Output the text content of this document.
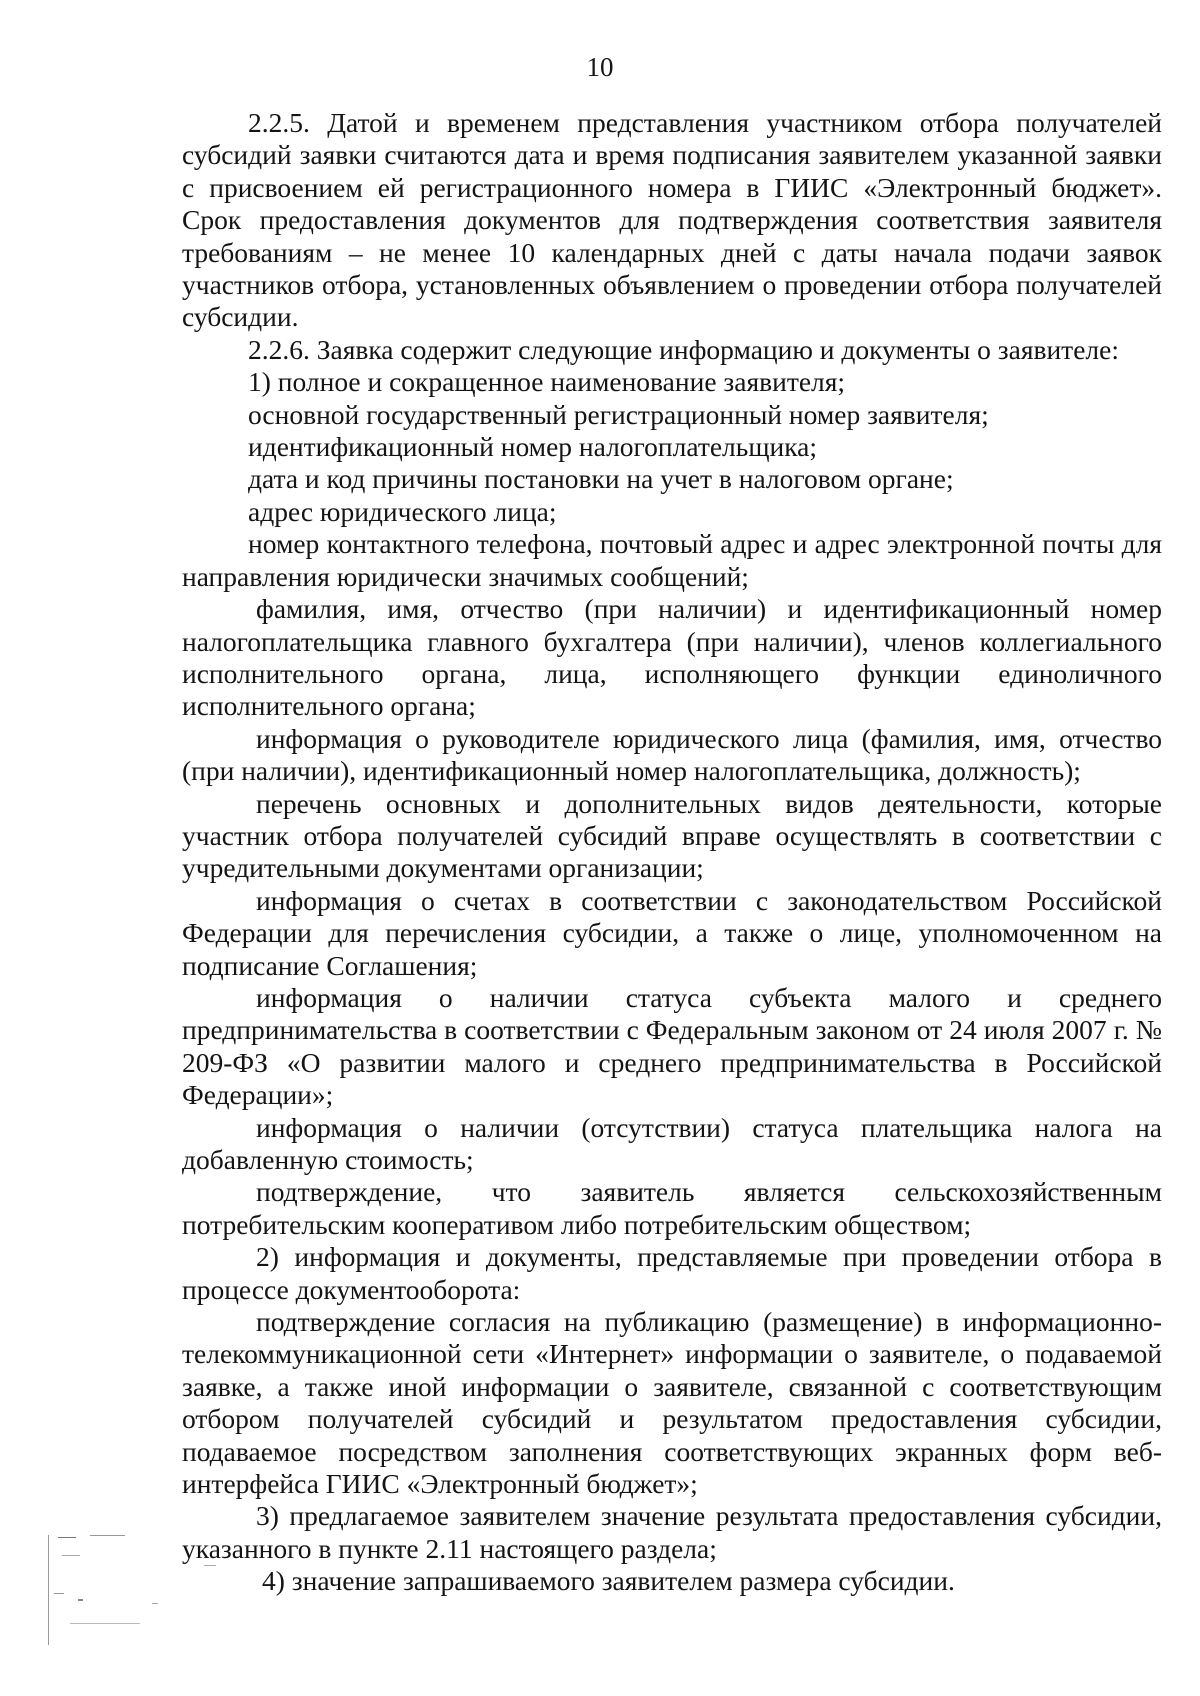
10

2.2.5. Датой и временем представления участником отбора получателей субсидий заявки считаются дата и время подписания заявителем указанной заявки с присвоением ей регистрационного номера в ГИИС «Электронный бюджет». Срок предоставления документов для подтверждения соответствия заявителя требованиям – не менее 10 календарных дней с даты начала подачи заявок участников отбора, установленных объявлением о проведении отбора получателей субсидии.

2.2.6. Заявка содержит следующие информацию и документы о заявителе:

1) полное и сокращенное наименование заявителя;

основной государственный регистрационный номер заявителя;

идентификационный номер налогоплательщика;

дата и код причины постановки на учет в налоговом органе;

адрес юридического лица;

номер контактного телефона, почтовый адрес и адрес электронной почты для направления юридически значимых сообщений;

фамилия, имя, отчество (при наличии) и идентификационный номер налогоплательщика главного бухгалтера (при наличии), членов коллегиального исполнительного органа, лица, исполняющего функции единоличного исполнительного органа;

информация о руководителе юридического лица (фамилия, имя, отчество (при наличии), идентификационный номер налогоплательщика, должность);

перечень основных и дополнительных видов деятельности, которые участник отбора получателей субсидий вправе осуществлять в соответствии с учредительными документами организации;

информация о счетах в соответствии с законодательством Российской Федерации для перечисления субсидии, а также о лице, уполномоченном на подписание Соглашения;

информация о наличии статуса субъекта малого и среднего предпринимательства в соответствии с Федеральным законом от 24 июля 2007 г. № 209-ФЗ «О развитии малого и среднего предпринимательства в Российской Федерации»;

информация о наличии (отсутствии) статуса плательщика налога на добавленную стоимость;

подтверждение, что заявитель является сельскохозяйственным потребительским кооперативом либо потребительским обществом;

2) информация и документы, представляемые при проведении отбора в процессе документооборота:

подтверждение согласия на публикацию (размещение) в информационно-телекоммуникационной сети «Интернет» информации о заявителе, о подаваемой заявке, а также иной информации о заявителе, связанной с соответствующим отбором получателей субсидий и результатом предоставления субсидии, подаваемое посредством заполнения соответствующих экранных форм веб-интерфейса ГИИС «Электронный бюджет»;

3) предлагаемое заявителем значение результата предоставления субсидии, указанного в пункте 2.11 настоящего раздела;

4) значение запрашиваемого заявителем размера субсидии.
